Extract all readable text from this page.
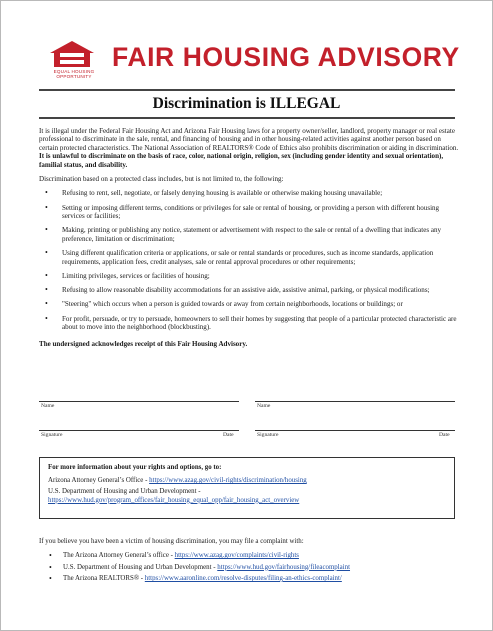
EQUAL HOUSING
OPPORTUNITY
FAIR HOUSING ADVISORY
Discrimination is ILLEGAL

It is illegal under the Federal Fair Housing Act and Arizona Fair Housing laws for a property owner/seller, landlord, property manager or real estate professional to discriminate in the sale, rental, and financing of housing and in other housing-related activities against another person based on certain protected characteristics. The National Association of REALTORS® Code of Ethics also prohibits discrimination or aiding in discrimination. It is unlawful to discriminate on the basis of race, color, national origin, religion, sex (including gender identity and sexual orientation), familial status, and disability.

Discrimination based on a protected class includes, but is not limited to, the following:

• Refusing to rent, sell, negotiate, or falsely denying housing is available or otherwise making housing unavailable;
• Setting or imposing different terms, conditions or privileges for sale or rental of housing, or providing a person with different housing services or facilities;
• Making, printing or publishing any notice, statement or advertisement with respect to the sale or rental of a dwelling that indicates any preference, limitation or discrimination;
• Using different qualification criteria or applications, or sale or rental standards or procedures, such as income standards, application requirements, application fees, credit analyses, sale or rental approval procedures or other requirements;
• Limiting privileges, services or facilities of housing;
• Refusing to allow reasonable disability accommodations for an assistive aide, assistive animal, parking, or physical modifications;
• "Steering" which occurs when a person is guided towards or away from certain neighborhoods, locations or buildings; or
• For profit, persuade, or try to persuade, homeowners to sell their homes by suggesting that people of a particular protected characteristic are about to move into the neighborhood (blockbusting).

The undersigned acknowledges receipt of this Fair Housing Advisory.

Name	Name
Signature	Date	Signature	Date
For more information about your rights and options, go to:
Arizona Attorney General’s Office - https://www.azag.gov/civil-rights/discrimination/housing
U.S. Department of Housing and Urban Development - https://www.hud.gov/program_offices/fair_housing_equal_opp/fair_housing_act_overview
If you believe you have been a victim of housing discrimination, you may file a complaint with:
• The Arizona Attorney General’s office - https://www.azag.gov/complaints/civil-rights
• U.S. Department of Housing and Urban Development - https://www.hud.gov/fairhousing/fileacomplaint
• The Arizona REALTORS® - https://www.aaronline.com/resolve-disputes/filing-an-ethics-complaint/
